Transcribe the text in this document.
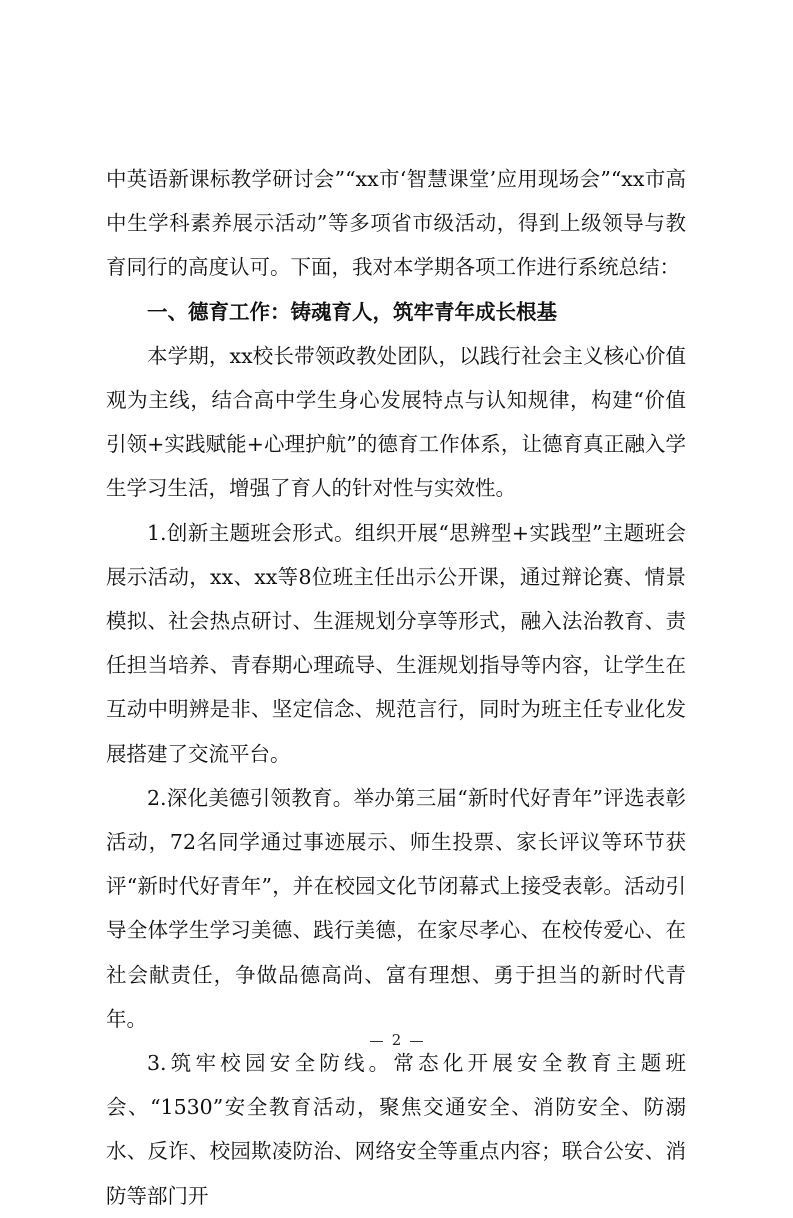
中英语新课标教学研讨会”“xx市‘智慧课堂’应用现场会”“xx市高中生学科素养展示活动”等多项省市级活动，得到上级领导与教育同行的高度认可。下面，我对本学期各项工作进行系统总结：

一、德育工作：铸魂育人，筑牢青年成长根基

本学期，xx校长带领政教处团队，以践行社会主义核心价值观为主线，结合高中学生身心发展特点与认知规律，构建“价值引领+实践赋能+心理护航”的德育工作体系，让德育真正融入学生学习生活，增强了育人的针对性与实效性。

1.创新主题班会形式。组织开展“思辨型+实践型”主题班会展示活动，xx、xx等8位班主任出示公开课，通过辩论赛、情景模拟、社会热点研讨、生涯规划分享等形式，融入法治教育、责任担当培养、青春期心理疏导、生涯规划指导等内容，让学生在互动中明辨是非、坚定信念、规范言行，同时为班主任专业化发展搭建了交流平台。

2.深化美德引领教育。举办第三届“新时代好青年”评选表彰活动，72名同学通过事迹展示、师生投票、家长评议等环节获评“新时代好青年”，并在校园文化节闭幕式上接受表彰。活动引导全体学生学习美德、践行美德，在家尽孝心、在校传爱心、在社会献责任，争做品德高尚、富有理想、勇于担当的新时代青年。

3.筑牢校园安全防线。常态化开展安全教育主题班会、“1530”安全教育活动，聚焦交通安全、消防安全、防溺水、反诈、校园欺凌防治、网络安全等重点内容；联合公安、消防等部门开

2
